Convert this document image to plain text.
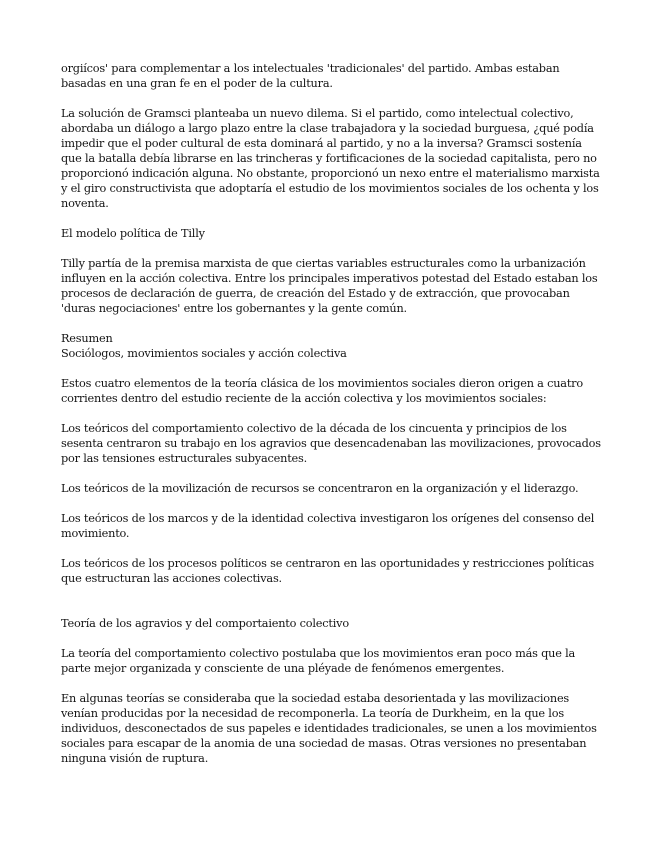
orgiícos' para complementar a los intelectuales 'tradicionales' del partido. Ambas estaban basadas en una gran fe en el poder de la cultura.

La solución de Gramsci planteaba un nuevo dilema. Si el partido, como intelectual colectivo, abordaba un diálogo a largo plazo entre la clase trabajadora y la sociedad burguesa, ¿qué podía impedir que el poder cultural de esta dominará al partido, y no a la inversa? Gramsci sostenía que la batalla debía librarse en las trincheras y fortificaciones de la sociedad capitalista, pero no proporcionó indicación alguna. No obstante, proporcionó un nexo entre el materialismo marxista y el giro constructivista que adoptaría el estudio de los movimientos sociales de los ochenta y los noventa.

El modelo política de Tilly

Tilly partía de la premisa marxista de que ciertas variables estructurales como la urbanización influyen en la acción colectiva. Entre los principales imperativos potestad del Estado estaban los procesos de declaración de guerra, de creación del Estado y de extracción, que provocaban 'duras negociaciones' entre los gobernantes y la gente común.

Resumen

Sociólogos, movimientos sociales y acción colectiva

Estos cuatro elementos de la teoría clásica de los movimientos sociales dieron origen a cuatro corrientes dentro del estudio reciente de la acción colectiva y los movimientos sociales:

Los teóricos del comportamiento colectivo de la década de los cincuenta y principios de los sesenta centraron su trabajo en los agravios que desencadenaban las movilizaciones, provocados por las tensiones estructurales subyacentes.

Los teóricos de la movilización de recursos se concentraron en la organización y el liderazgo.

Los teóricos de los marcos y de la identidad colectiva investigaron los orígenes del consenso del movimiento.

Los teóricos de los procesos políticos se centraron en las oportunidades y restricciones políticas que estructuran las acciones colectivas.

Teoría de los agravios y del comportaiento colectivo

La teoría del comportamiento colectivo postulaba que los movimientos eran poco más que la parte mejor organizada y consciente de una pléyade de fenómenos emergentes.

En algunas teorías se consideraba que la sociedad estaba desorientada y las movilizaciones venían producidas por la necesidad de recomponerla. La teoría de Durkheim, en la que los individuos, desconectados de sus papeles e identidades tradicionales, se unen a los movimientos sociales para escapar de la anomia de una sociedad de masas. Otras versiones no presentaban ninguna visión de ruptura.
